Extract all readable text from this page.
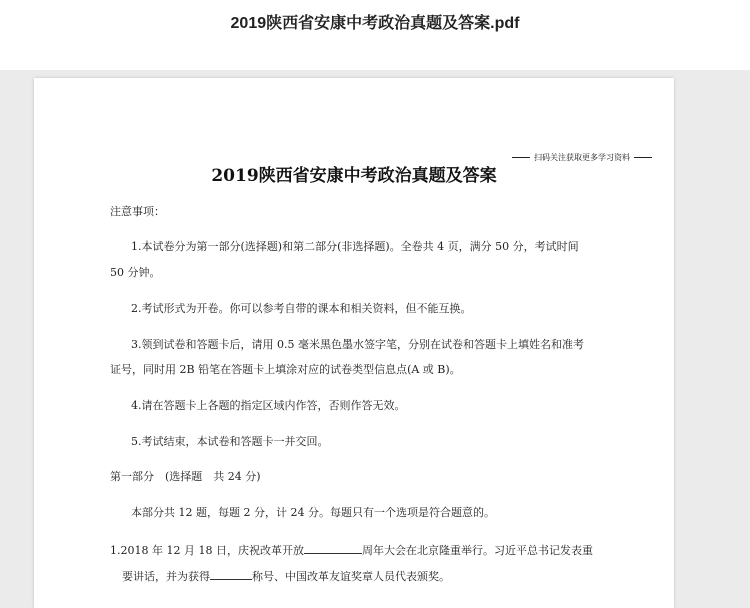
2019陕西省安康中考政治真题及答案.pdf
扫码关注获取更多学习资料
2019陕西省安康中考政治真题及答案
注意事项：
1.本试卷分为第一部分(选择题)和第二部分(非选择题)。全卷共 4 页，满分 50 分，考试时间
50 分钟。
2.考试形式为开卷。你可以参考自带的课本和相关资料，但不能互换。
3.领到试卷和答题卡后，请用 0.5 毫米黑色墨水签字笔，分别在试卷和答题卡上填姓名和准考
证号，同时用 2B 铅笔在答题卡上填涂对应的试卷类型信息点(A 或 B)。
4.请在答题卡上各题的指定区域内作答，否则作答无效。
5.考试结束，本试卷和答题卡一并交回。
第一部分　(选择题　共 24 分)
本部分共 12 题，每题 2 分，计 24 分。每题只有一个选项是符合题意的。
1.2018 年 12 月 18 日，庆祝改革开放	周年大会在北京隆重举行。习近平总书记发表重
要讲话，并为获得	称号、中国改革友谊奖章人员代表颁奖。
